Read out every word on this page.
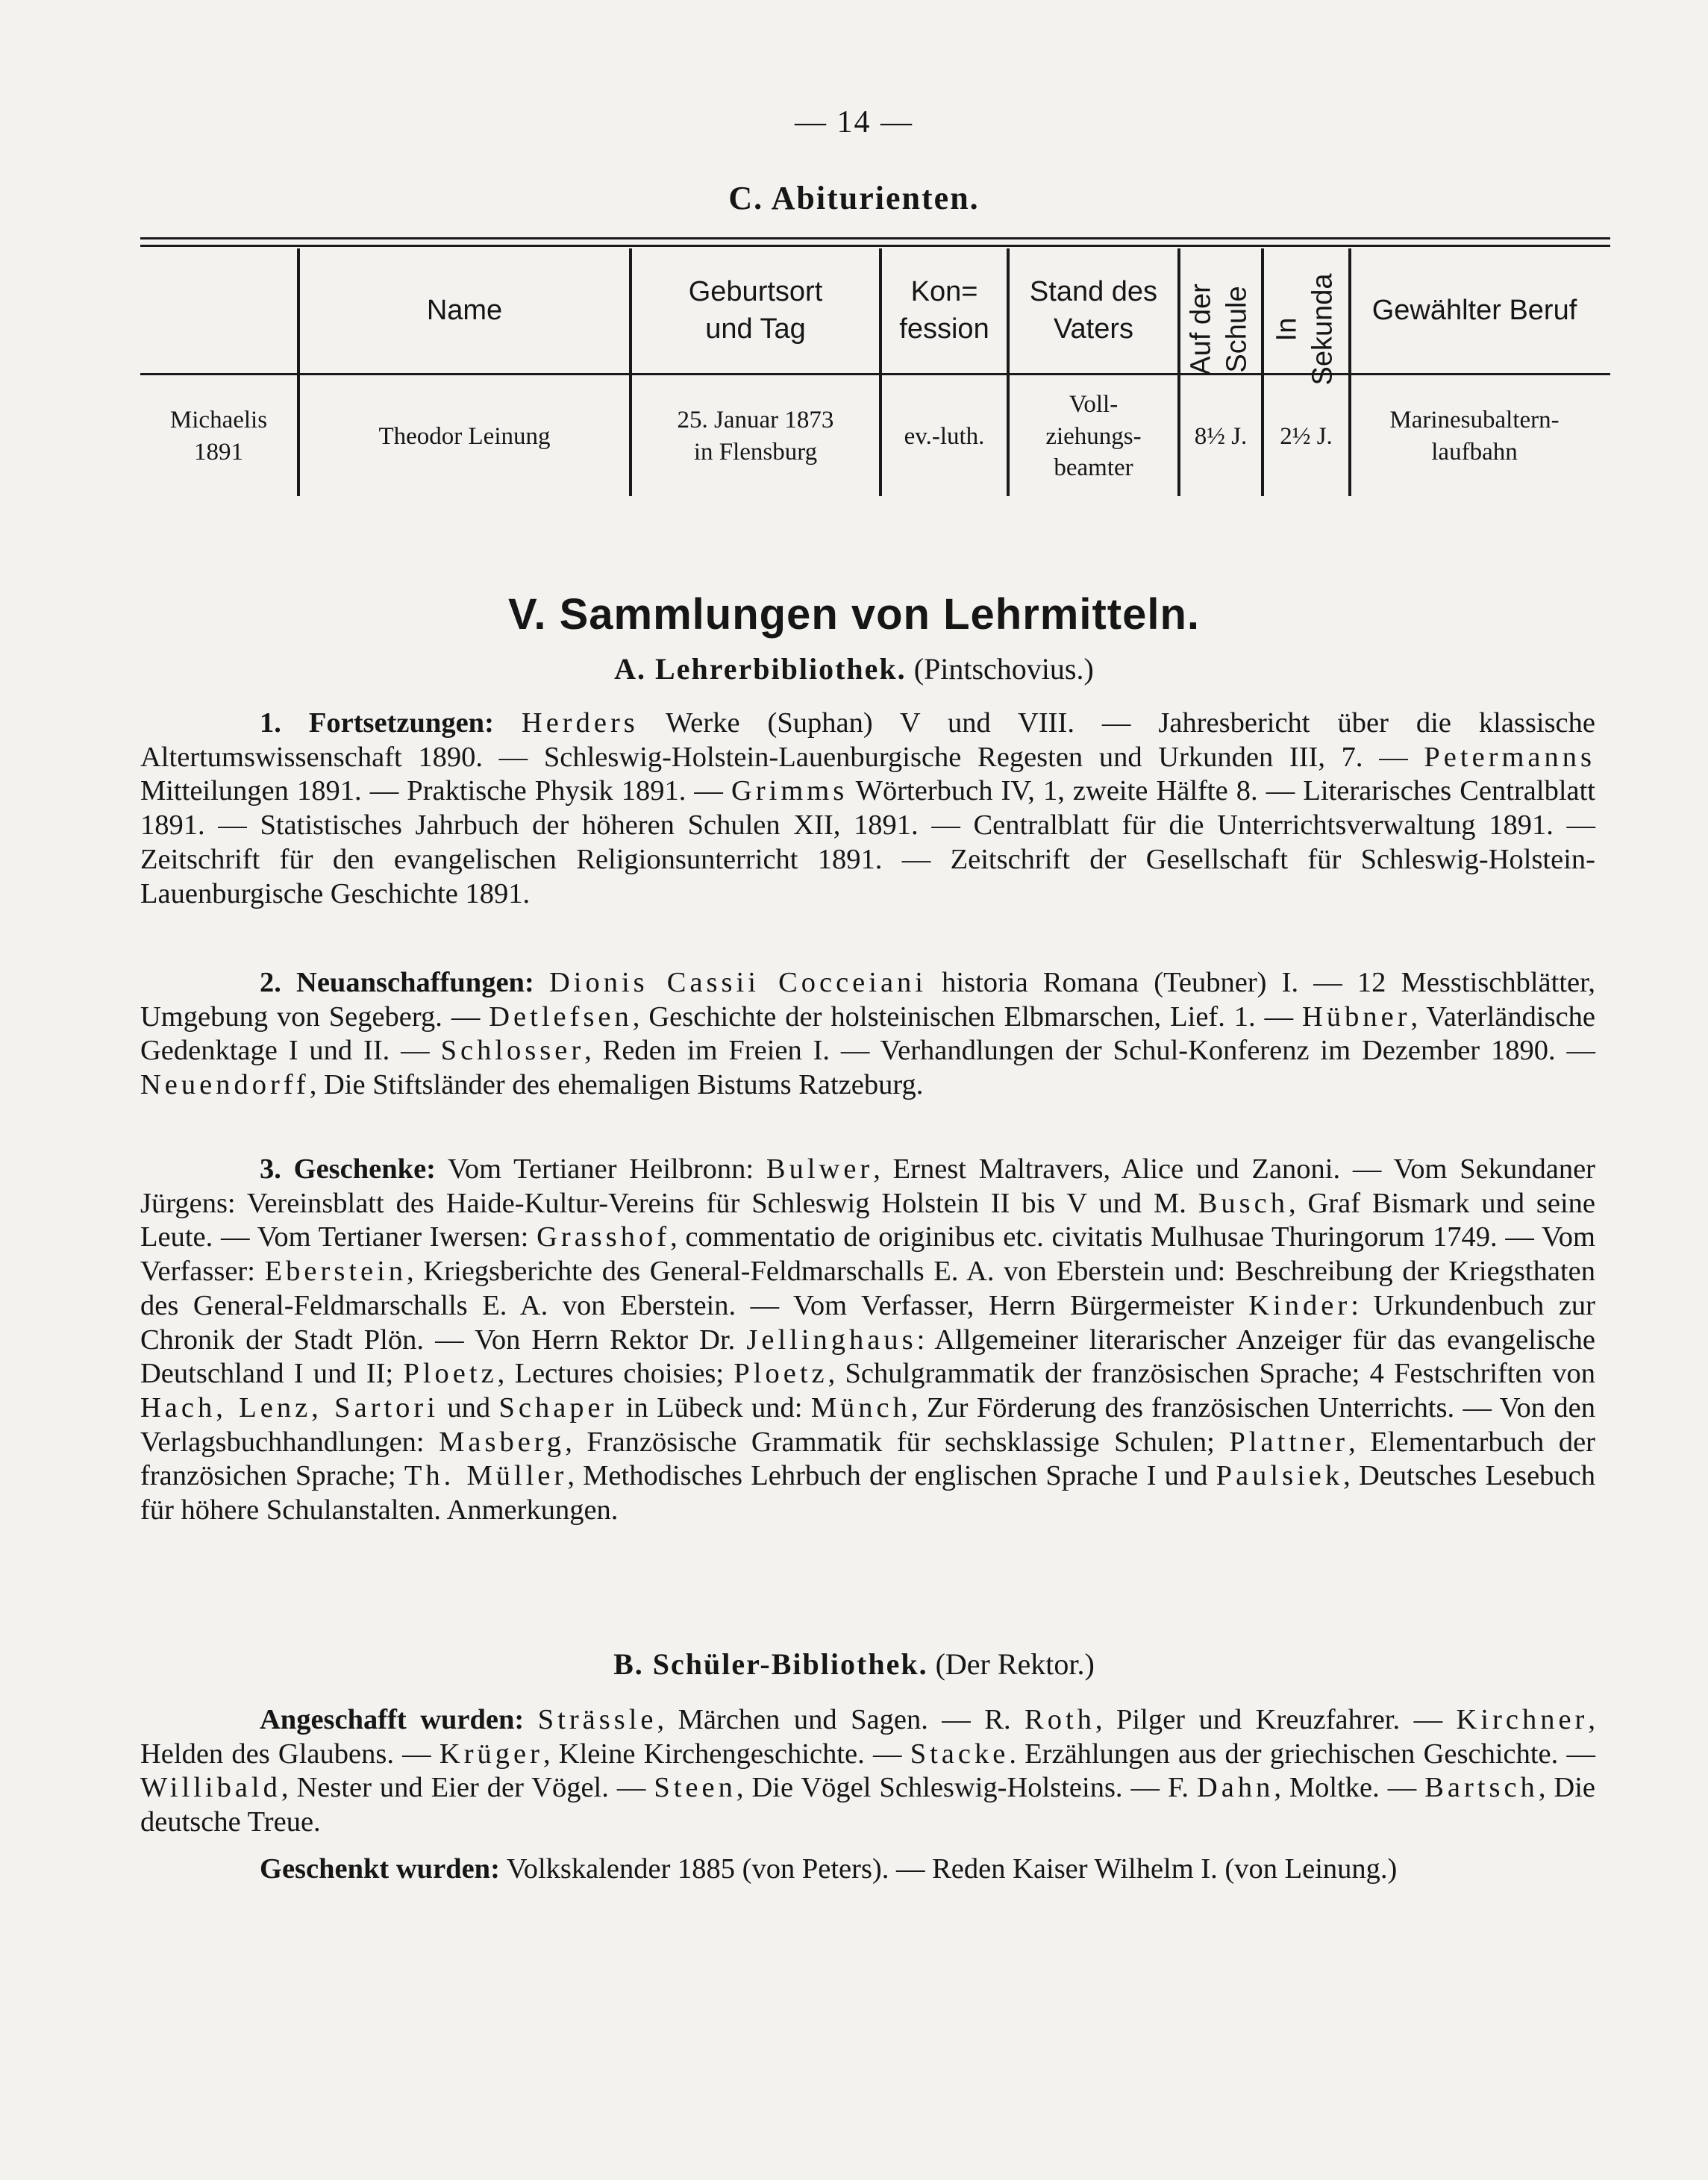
— 14 —
C. Abiturienten.
Name
Geburtsort
und Tag
Kon=
fession
Stand des
Vaters Auf der Schule In Sekunda Gewählter Beruf
Michaelis
1891
Theodor Leinung
25. Januar 1873
in Flensburg
ev.-luth.
Voll-
ziehungs-
beamter
8½ J. 2½ J.
Marinesubaltern-
laufbahn
V. Sammlungen von Lehrmitteln.
A. Lehrerbibliothek. (Pintschovius.)
1. Fortsetzungen: Herders Werke (Suphan) V und VIII. — Jahresbericht über die klassische Altertumswissenschaft 1890. — Schleswig-Holstein-Lauenburgische Regesten und Urkunden III, 7. — Petermanns Mitteilungen 1891. — Praktische Physik 1891. — Grimms Wörterbuch IV, 1, zweite Hälfte 8. — Literarisches Centralblatt 1891. — Statistisches Jahrbuch der höheren Schulen XII, 1891. — Centralblatt für die Unterrichtsverwaltung 1891. — Zeitschrift für den evangelischen Religionsunterricht 1891. — Zeitschrift der Gesellschaft für Schleswig-Holstein-Lauenburgische Geschichte 1891.
2. Neuanschaffungen: Dionis Cassii Cocceiani historia Romana (Teubner) I. — 12 Messtischblätter, Umgebung von Segeberg. — Detlefsen, Geschichte der holsteinischen Elbmarschen, Lief. 1. — Hübner, Vaterländische Gedenktage I und II. — Schlosser, Reden im Freien I. — Verhandlungen der Schul-Konferenz im Dezember 1890. — Neuendorff, Die Stiftsländer des ehemaligen Bistums Ratzeburg.
3. Geschenke: Vom Tertianer Heilbronn: Bulwer, Ernest Maltravers, Alice und Zanoni. — Vom Sekundaner Jürgens: Vereinsblatt des Haide-Kultur-Vereins für Schleswig Holstein II bis V und M. Busch, Graf Bismark und seine Leute. — Vom Tertianer Iwersen: Grasshof, commentatio de originibus etc. civitatis Mulhusae Thuringorum 1749. — Vom Verfasser: Eberstein, Kriegsberichte des General-Feldmarschalls E. A. von Eberstein und: Beschreibung der Kriegsthaten des General-Feldmarschalls E. A. von Eberstein. — Vom Verfasser, Herrn Bürgermeister Kinder: Urkundenbuch zur Chronik der Stadt Plön. — Von Herrn Rektor Dr. Jellinghaus: Allgemeiner literarischer Anzeiger für das evangelische Deutschland I und II; Ploetz, Lectures choisies; Ploetz, Schulgrammatik der französischen Sprache; 4 Festschriften von Hach, Lenz, Sartori und Schaper in Lübeck und: Münch, Zur Förderung des französischen Unterrichts. — Von den Verlagsbuchhandlungen: Masberg, Französische Grammatik für sechsklassige Schulen; Plattner, Elementarbuch der französichen Sprache; Th. Müller, Methodisches Lehrbuch der englischen Sprache I und Paulsiek, Deutsches Lesebuch für höhere Schulanstalten. Anmerkungen.
B. Schüler-Bibliothek. (Der Rektor.)
Angeschafft wurden: Strässle, Märchen und Sagen. — R. Roth, Pilger und Kreuzfahrer. — Kirchner, Helden des Glaubens. — Krüger, Kleine Kirchengeschichte. — Stacke. Erzählungen aus der griechischen Geschichte. — Willibald, Nester und Eier der Vögel. — Steen, Die Vögel Schleswig-Holsteins. — F. Dahn, Moltke. — Bartsch, Die deutsche Treue.
Geschenkt wurden: Volkskalender 1885 (von Peters). — Reden Kaiser Wilhelm I. (von Leinung.)
